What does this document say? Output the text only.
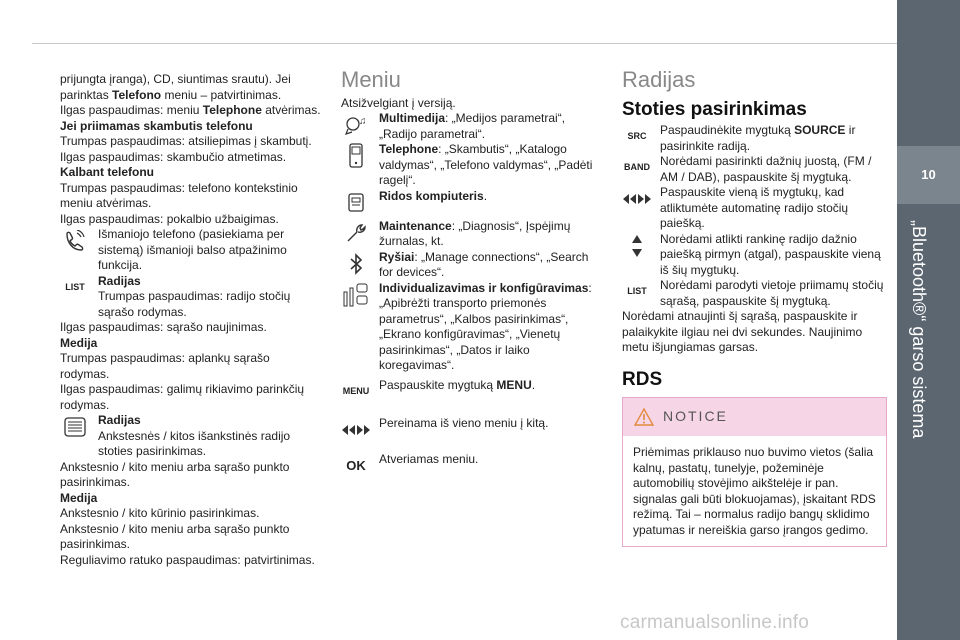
10
„Bluetooth®“ garso sistema

prijungta įranga), CD, siuntimas srautu). Jei parinktas Telefono meniu – patvirtinimas.

Ilgas paspaudimas: meniu Telephone atvėrimas.

Jei priimamas skambutis telefonu

Trumpas paspaudimas: atsiliepimas į skambutį.

Ilgas paspaudimas: skambučio atmetimas.

Kalbant telefonu

Trumpas paspaudimas: telefono kontekstinio meniu atvėrimas.

Ilgas paspaudimas: pokalbio užbaigimas.

Išmaniojo telefono (pasiekiama per sistemą) išmanioji balso atpažinimo funkcija.

LIST	Radijas

Trumpas paspaudimas: radijo stočių sąrašo rodymas.

Ilgas paspaudimas: sąrašo naujinimas.

Medija

Trumpas paspaudimas: aplankų sąrašo rodymas.

Ilgas paspaudimas: galimų rikiavimo parinkčių rodymas.

Radijas

Ankstesnės / kitos išankstinės radijo stoties pasirinkimas.

Ankstesnio / kito meniu arba sąrašo punkto pasirinkimas.

Medija

Ankstesnio / kito kūrinio pasirinkimas.

Ankstesnio / kito meniu arba sąrašo punkto pasirinkimas.

Reguliavimo ratuko paspaudimas: patvirtinimas.

Meniu

Atsižvelgiant į versiją.

♫	Multimedija: „Medijos parametrai“, „Radijo parametrai“.

Telephone: „Skambutis“, „Katalogo valdymas“, „Telefono valdymas“, „Padėti ragelį“.

Ridos kompiuteris.

Maintenance: „Diagnosis“, Įspėjimų žurnalas, kt.

Ryšiai: „Manage connections“, „Search for devices“.

Individualizavimas ir konfigūravimas: „Apibrėžti transporto priemonės parametrus“, „Kalbos pasirinkimas“, „Ekrano konfigūravimas“, „Vienetų pasirinkimas“, „Datos ir laiko koregavimas“.

MENU Paspauskite mygtuką MENU.

Pereinama iš vieno meniu į kitą.

OK	Atveriamas meniu.

Radijas
Stoties pasirinkimas
SRC	Paspaudinėkite mygtuką SOURCE ir pasirinkite radiją.

BAND Norėdami pasirinkti dažnių juostą, (FM / AM / DAB), paspauskite šį mygtuką.

Paspauskite vieną iš mygtukų, kad atliktumėte automatinę radijo stočių paiešką.

Norėdami atlikti rankinę radijo dažnio paiešką pirmyn (atgal), paspauskite vieną iš šių mygtukų.

LIST	Norėdami parodyti vietoje priimamų stočių sąrašą, paspauskite šį mygtuką.

Norėdami atnaujinti šį sąrašą, paspauskite ir palaikykite ilgiau nei dvi sekundes. Naujinimo metu išjungiamas garsas.

RDS
NOTICE

Priėmimas priklauso nuo buvimo vietos (šalia kalnų, pastatų, tunelyje, požeminėje automobilių stovėjimo aikštelėje ir pan. signalas gali būti blokuojamas), įskaitant RDS režimą. Tai – normalus radijo bangų sklidimo ypatumas ir nereiškia garso įrangos gedimo.

carmanualsonline.info
